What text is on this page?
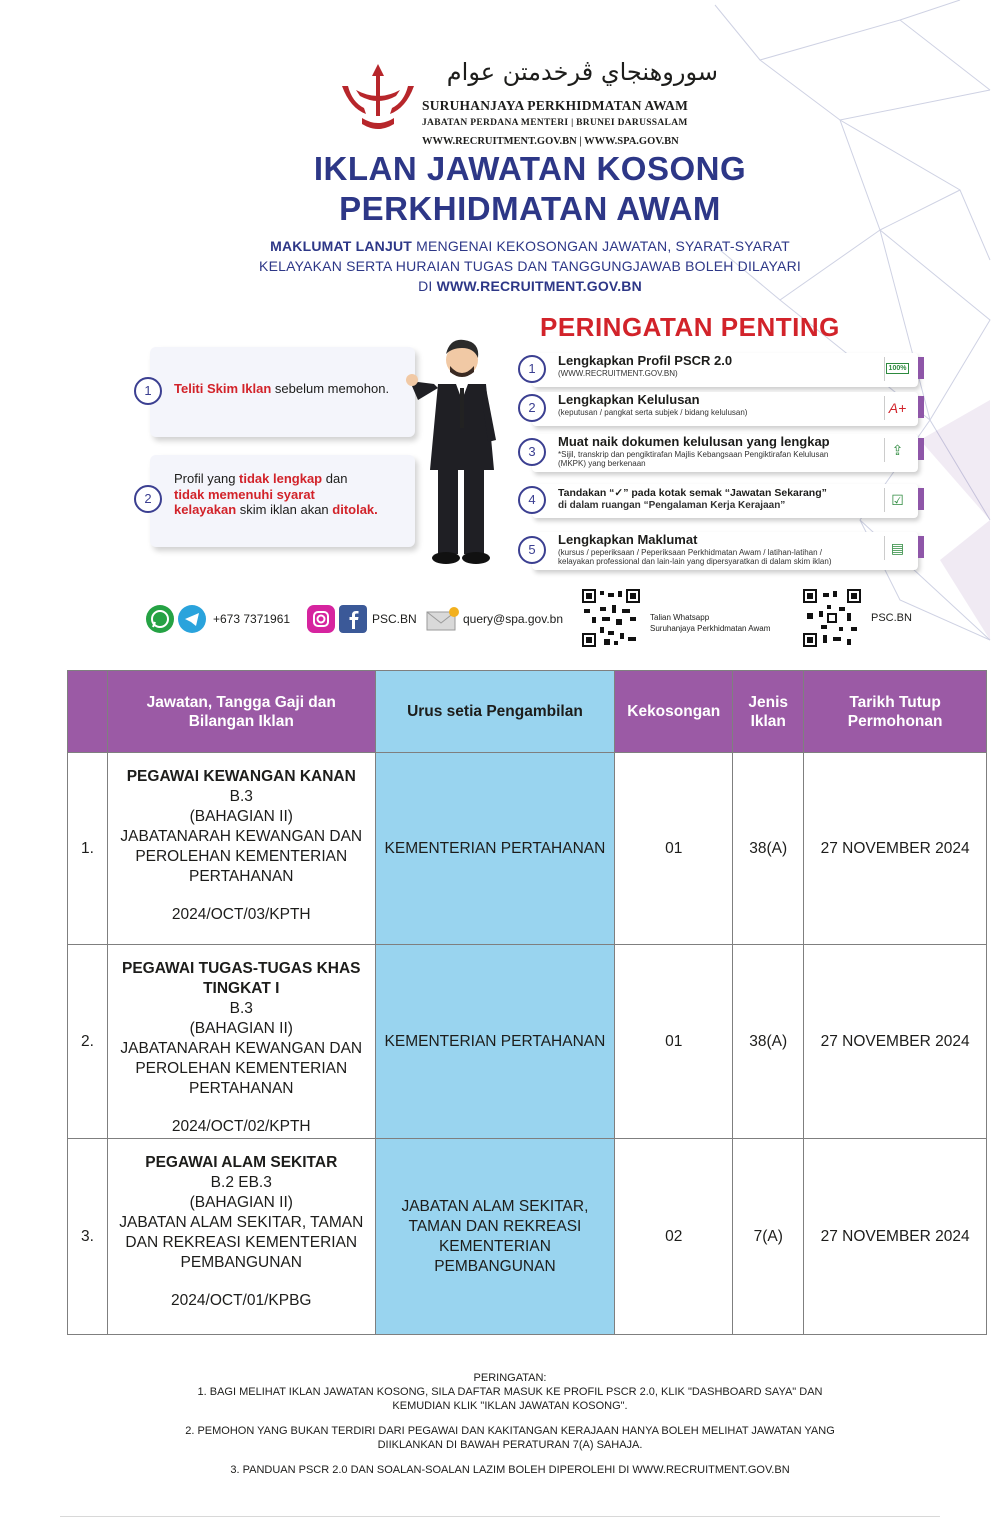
سوروهنجاي ڤرخدمتن عوام
SURUHANJAYA PERKHIDMATAN AWAM
JABATAN PERDANA MENTERI | BRUNEI DARUSSALAM
WWW.RECRUITMENT.GOV.BN | WWW.SPA.GOV.BN
IKLAN JAWATAN KOSONG
PERKHIDMATAN AWAM
MAKLUMAT LANJUT MENGENAI KEKOSONGAN JAWATAN, SYARAT-SYARAT
KELAYAKAN SERTA HURAIAN TUGAS DAN TANGGUNGJAWAB BOLEH DILAYARI
DI WWW.RECRUITMENT.GOV.BN
1	Teliti Skim Iklan sebelum memohon.
2
Profil yang tidak lengkap dan tidak memenuhi syarat kelayakan skim iklan akan ditolak.
PERINGATAN PENTING
1
Lengkapkan Profil PSCR 2.0
(WWW.RECRUITMENT.GOV.BN)
100%
2
Lengkapkan Kelulusan
(keputusan / pangkat serta subjek / bidang kelulusan)	A+
3
Muat naik dokumen kelulusan yang lengkap
*Sijil, transkrip dan pengiktirafan Majlis Kebangsaan Pengiktirafan Kelulusan
(MKPK) yang berkenaan
⇪
4	Tandakan “✓” pada kotak semak “Jawatan Sekarang”
di dalam ruangan “Pengalaman Kerja Kerajaan”	☑
5
Lengkapkan Maklumat
(kursus / peperiksaan / Peperiksaan Perkhidmatan Awam / latihan-latihan /
kelayakan professional dan lain-lain yang dipersyaratkan di dalam skim iklan)
▤
+673 7371961	PSC.BN	query@spa.gov.bn	Talian Whatsapp
Suruhanjaya Perkhidmatan Awam
PSC.BN
	Jawatan, Tangga Gaji dan Bilangan Iklan	Urus setia Pengambilan	Kekosongan	Jenis Iklan	Tarikh Tutup Permohonan
1.	PEGAWAI KEWANGAN KANAN
B.3
(BAHAGIAN II)
JABATANARAH KEWANGAN DAN PEROLEHAN KEMENTERIAN PERTAHANAN
2024/OCT/03/KPTH	KEMENTERIAN PERTAHANAN	01	38(A)	27 NOVEMBER 2024
2.	PEGAWAI TUGAS-TUGAS KHAS TINGKAT I
B.3
(BAHAGIAN II)
JABATANARAH KEWANGAN DAN PEROLEHAN KEMENTERIAN PERTAHANAN
2024/OCT/02/KPTH	KEMENTERIAN PERTAHANAN	01	38(A)	27 NOVEMBER 2024
3.	PEGAWAI ALAM SEKITAR
B.2 EB.3
(BAHAGIAN II)
JABATAN ALAM SEKITAR, TAMAN DAN REKREASI KEMENTERIAN PEMBANGUNAN
2024/OCT/01/KPBG	JABATAN ALAM SEKITAR, TAMAN DAN REKREASI KEMENTERIAN PEMBANGUNAN	02	7(A)	27 NOVEMBER 2024
PERINGATAN:
1. BAGI MELIHAT IKLAN JAWATAN KOSONG, SILA DAFTAR MASUK KE PROFIL PSCR 2.0, KLIK "DASHBOARD SAYA" DAN
KEMUDIAN KLIK "IKLAN JAWATAN KOSONG".
2. PEMOHON YANG BUKAN TERDIRI DARI PEGAWAI DAN KAKITANGAN KERAJAAN HANYA BOLEH MELIHAT JAWATAN YANG
DIIKLANKAN DI BAWAH PERATURAN 7(A) SAHAJA.
3. PANDUAN PSCR 2.0 DAN SOALAN-SOALAN LAZIM BOLEH DIPEROLEHI DI WWW.RECRUITMENT.GOV.BN
